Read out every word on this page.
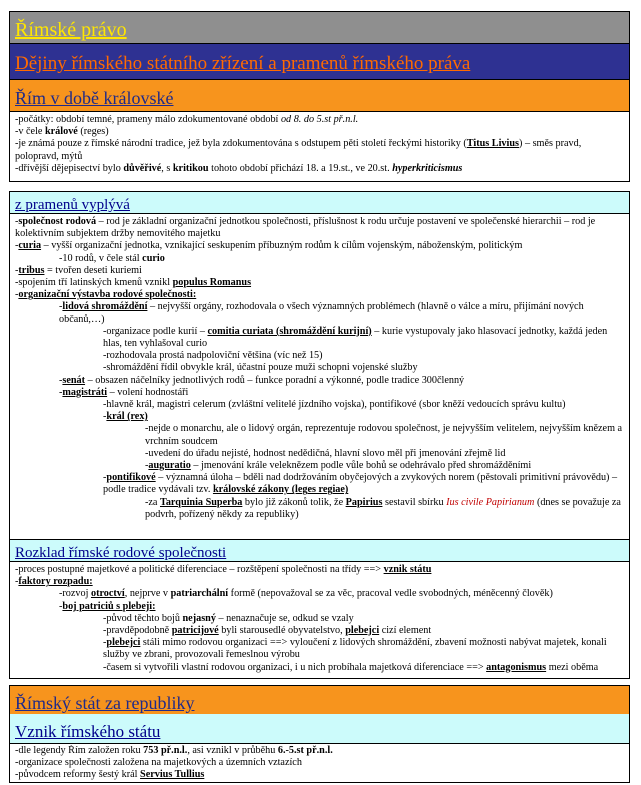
Římské právo
Dějiny římského státního zřízení a pramenů římského práva
Řím v době královské
-počátky: období temné, prameny málo zdokumentované období od 8. do 5.st př.n.l.
-v čele králové (reges)
-je známá pouze z římské národní tradice, jež byla zdokumentována s odstupem pěti století řeckými historiky (Titus Livius) – směs pravd, polopravd, mýtů
-dřívější dějepisectví bylo důvěřivé, s kritikou tohoto období přichází 18. a 19.st., ve 20.st. hyperkriticismus
z pramenů vyplývá
-společnost rodová – rod je základní organizační jednotkou společnosti, příslušnost k rodu určuje postavení ve společenské hierarchii – rod je kolektivním subjektem držby nemovitého majetku
-curia – vyšší organizační jednotka, vznikající seskupením příbuzným rodům k cílům vojenským, náboženským, politickým
-10 rodů, v čele stál curio
-tribus = tvořen deseti kuriemi
-spojením tří latinských kmenů vznikl populus Romanus
-organizační výstavba rodové společnosti:
-lidová shromáždění – nejvyšší orgány, rozhodovala o všech významných problémech (hlavně o válce a míru, přijímání nových občanů,…)
-organizace podle kurií – comitia curiata (shromáždění kurijní) – kurie vystupovaly jako hlasovací jednotky, každá jeden hlas, ten vyhlašoval curio
-rozhodovala prostá nadpoloviční většina (víc než 15)
-shromáždění řídil obvykle král, účastní pouze muži schopni vojenské služby
-senát – obsazen náčelníky jednotlivých rodů – funkce poradní a výkonné, podle tradice 300členný
-magistráti – volení hodnostáři
-hlavně král, magistri celerum (zvláštní velitelé jízdního vojska), pontifikové (sbor kněží vedoucích správu kultu)
-král (rex)
-nejde o monarchu, ale o lidový orgán, reprezentuje rodovou společnost, je nejvyšším velitelem, nejvyšším knězem a vrchním soudcem
-uvedení do úřadu nejisté, hodnost nedědičná, hlavní slovo měl při jmenování zřejmě lid
-auguratio – jmenování krále veleknězem podle vůle bohů se odehrávalo před shromážděními
-pontifikové – významná úloha – bděli nad dodržováním obyčejových a zvykových norem (pěstovali primitivní právovědu) – podle tradice vydávali tzv. královské zákony (leges regiae)
-za Tarquinia Superba bylo již zákonů tolik, že Papirius sestavil sbírku Ius civile Papirianum (dnes se považuje za podvrh, pořízený někdy za republiky)
Rozklad římské rodové společnosti
-proces postupné majetkové a politické diferenciace – rozštěpení společnosti na třídy ==> vznik státu
-faktory rozpadu:
-rozvoj otroctví, nejprve v patriarchální formě (nepovažoval se za věc, pracoval vedle svobodných, méněcenný člověk)
-boj patriciů s plebeji:
-původ těchto bojů nejasný – nenaznačuje se, odkud se vzaly
-pravděpodobně patricijové byli starousedlé obyvatelstvo, plebejci cizí element
-plebejci stáli mimo rodovou organizaci ==> vyloučení z lidových shromáždění, zbavení možnosti nabývat majetek, konali služby ve zbrani, provozovali řemeslnou výrobu
-časem si vytvořili vlastní rodovou organizaci, i u nich probíhala majetková diferenciace ==> antagonismus mezi oběma
Římský stát za republiky
Vznik římského státu
-dle legendy Řím založen roku 753 př.n.l., asi vznikl v průběhu 6.-5.st př.n.l.
-organizace společnosti založena na majetkových a územních vztazích
-původcem reformy šestý král Servius Tullius
